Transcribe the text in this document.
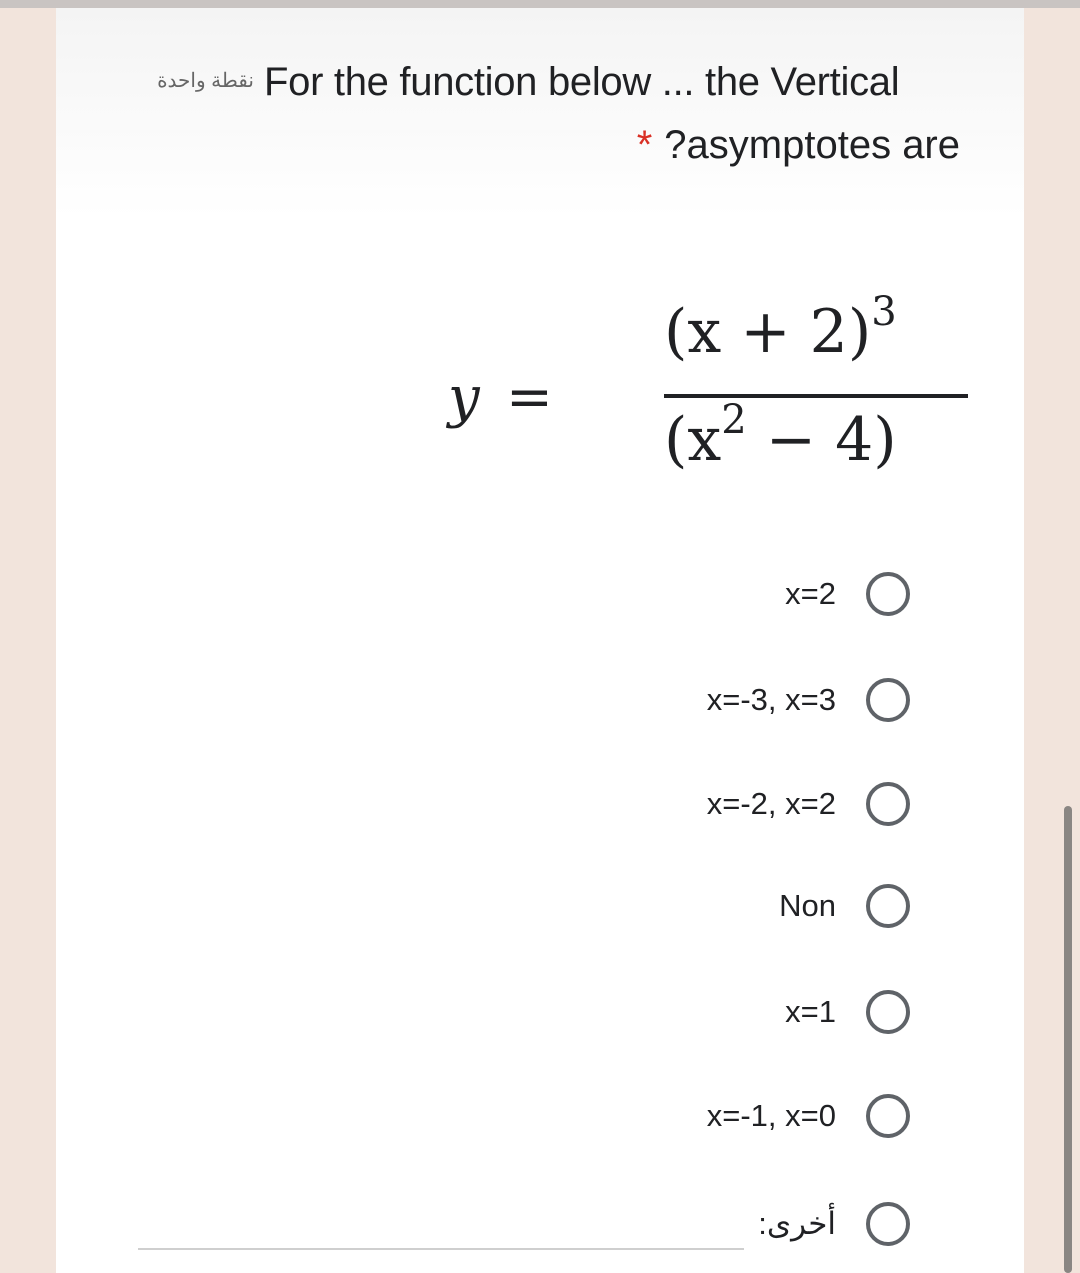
نقطة واحدة For the function below ... the Vertical
* ?asymptotes are
y =
$(x + 2)^3$
$(x^2 - 4)$
x=2
x=-3, x=3
x=-2, x=2
Non
x=1
x=-1, x=0
أخرى:
